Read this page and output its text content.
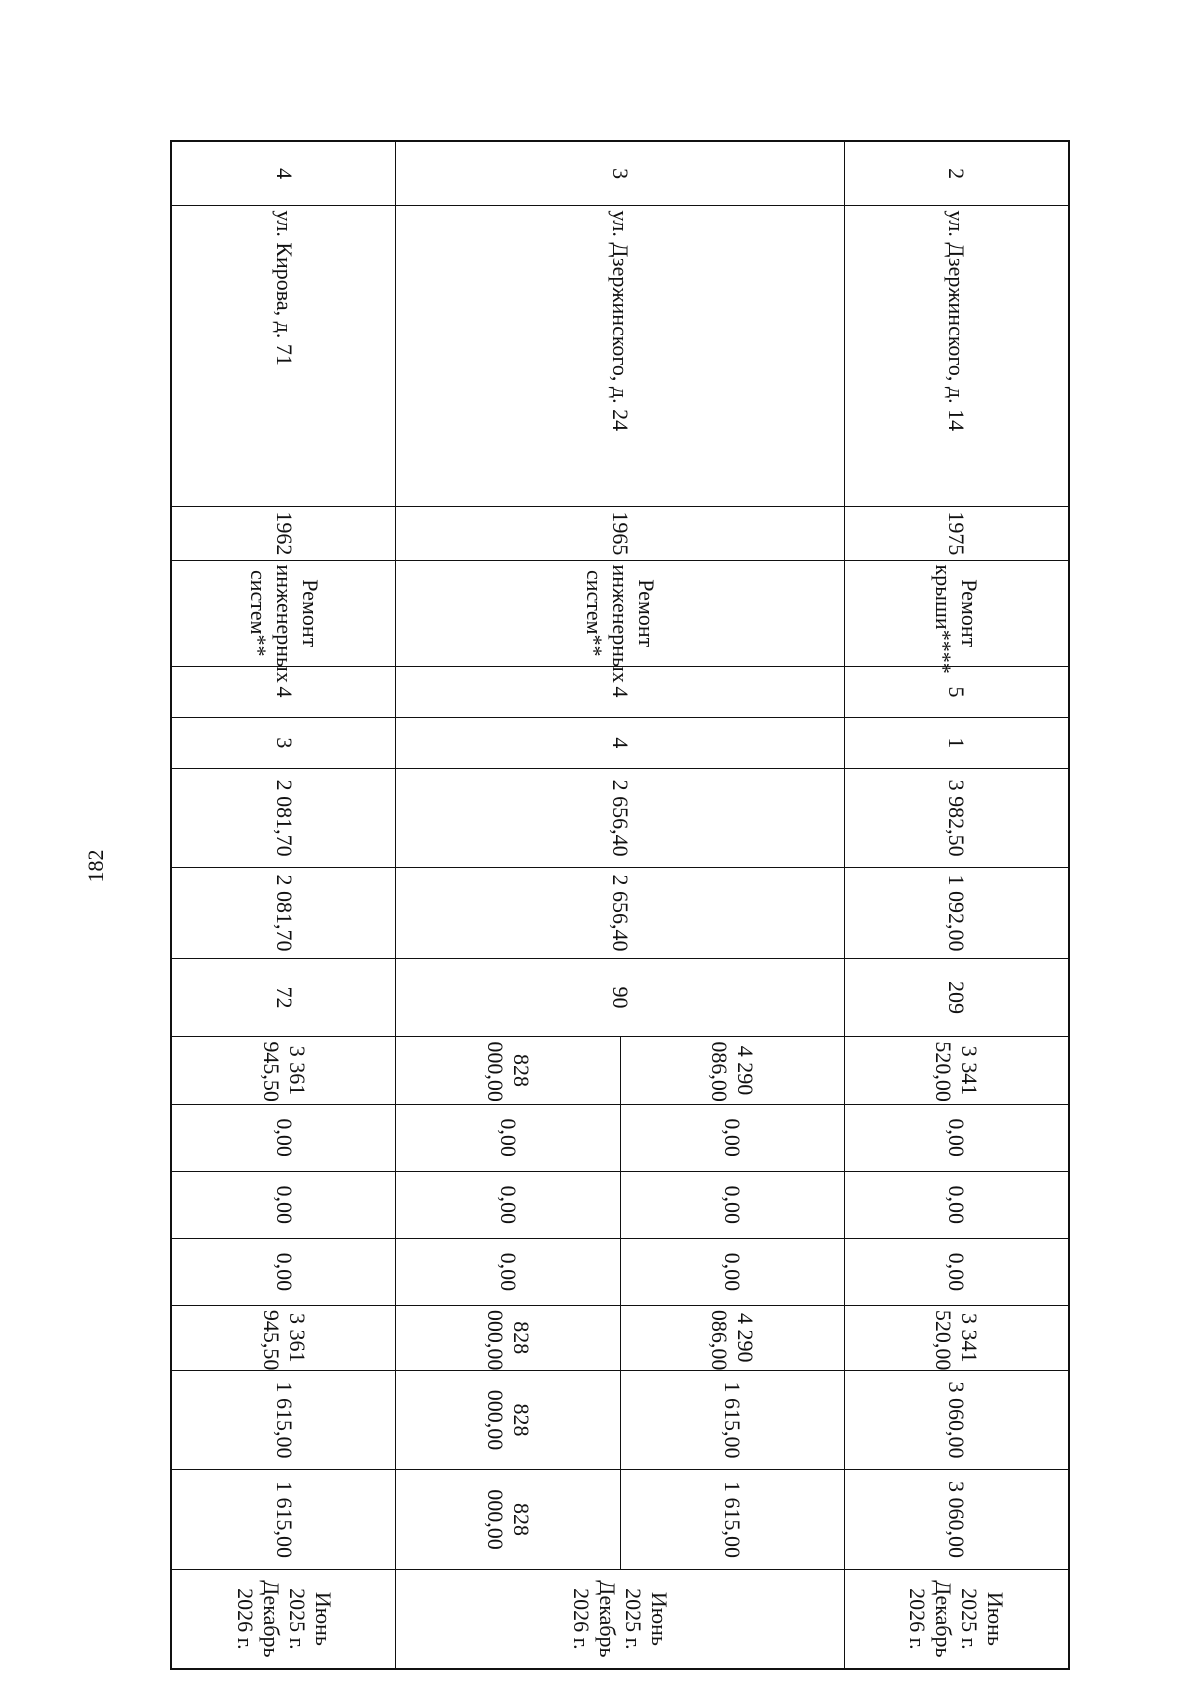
182
2	ул. Дзержинского, д. 14	1975	Ремонт крыши****	5	1	3 982,50	1 092,00	209	3 341 520,00	0,00	0,00	0,00	3 341 520,00	3 060,00	3 060,00	Июнь 2025 г.
Декабрь 2026 г.
3	ул. Дзержинского, д. 24	1965	Ремонт инженерных систем**	4	4	2 656,40	2 656,40	90	4 290 086,00	0,00	0,00	0,00	4 290 086,00	1 615,00	1 615,00	Июнь 2025 г.
Декабрь 2026 г.
									828 000,00	0,00	0,00	0,00	828 000,00	828 000,00	828 000,00	
4	ул. Кирова, д. 71	1962	Ремонт инженерных систем**	4	3	2 081,70	2 081,70	72	3 361 945,50	0,00	0,00	0,00	3 361 945,50	1 615,00	1 615,00	Июнь 2025 г.
Декабрь 2026 г.
